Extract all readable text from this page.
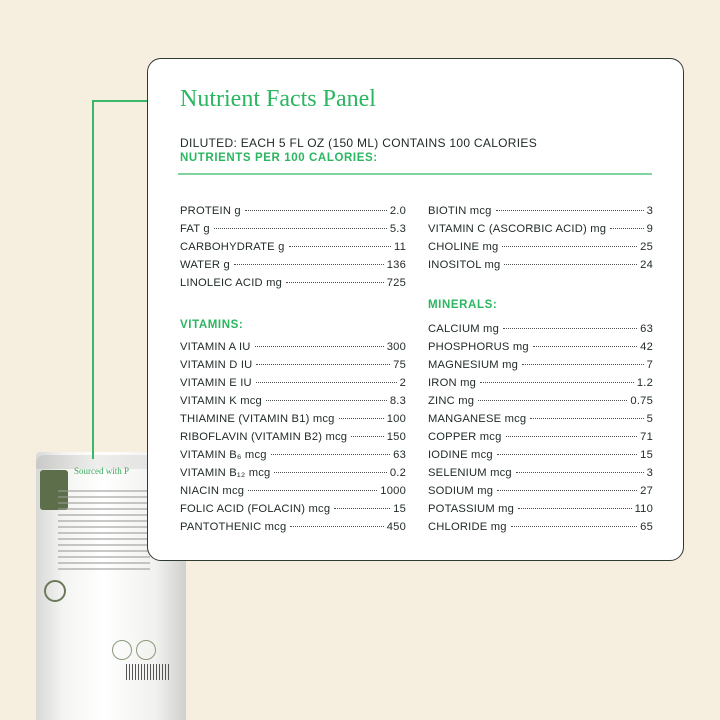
Sourced with P
Nutrient Facts Panel
DILUTED: EACH 5 FL OZ (150 ML) CONTAINS 100 CALORIES
NUTRIENTS PER 100 CALORIES:
PROTEIN g	2.0
FAT g	5.3
CARBOHYDRATE g	11
WATER g	136
LINOLEIC ACID mg	725
VITAMINS:
VITAMIN A IU	300
VITAMIN D IU	75
VITAMIN E IU	2
VITAMIN K mcg	8.3
THIAMINE (VITAMIN B1) mcg	100
RIBOFLAVIN (VITAMIN B2) mcg	150
VITAMIN B₆ mcg	63
VITAMIN B₁₂ mcg	0.2
NIACIN mcg	1000
FOLIC ACID (FOLACIN) mcg	15
PANTOTHENIC mcg	450
BIOTIN mcg	3
VITAMIN C (ASCORBIC ACID) mg	9
CHOLINE mg	25
INOSITOL mg	24
MINERALS:
CALCIUM mg	63
PHOSPHORUS mg	42
MAGNESIUM mg	7
IRON mg	1.2
ZINC mg	0.75
MANGANESE mcg	5
COPPER mcg	71
IODINE mcg	15
SELENIUM mcg	3
SODIUM mg	27
POTASSIUM mg	110
CHLORIDE mg	65
